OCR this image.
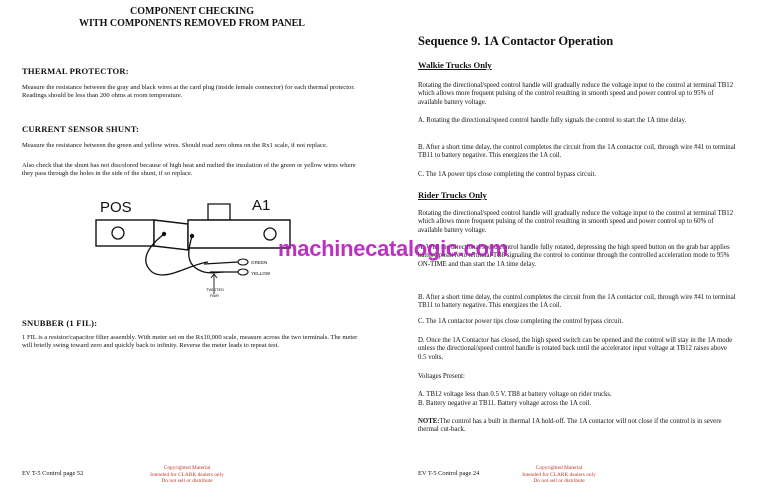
COMPONENT CHECKING
WITH COMPONENTS REMOVED FROM PANEL
THERMAL PROTECTOR:

Measure the resistance between the gray and black wires at the card plug (inside female connector) for each thermal protector. Readings should be less than 200 ohms at room temperature.

CURRENT SENSOR SHUNT:

Measure the resistance between the green and yellow wires. Should read zero ohms on the Rx1 scale, if not replace.

Also check that the shunt has not discolored because of high heat and melted the insulation of the green or yellow wires where they pass through the holes in the side of the shunt, if so replace.

POS	A1
GREEN
YELLOW
TWISTED
PAIR
SNUBBER (1 FIL):

1 FIL is a resistor/capacitor filter assembly. With meter set on the Rx10,000 scale, measure across the two terminals. The meter will briefly swing toward zero and quickly back to infinity. Reverse the meter leads to repeat test.

EV T-5 Control page 52
Copyrighted Material
Intended for CLARK dealers only
Do not sell or distribute
Sequence 9. 1A Contactor Operation
Walkie Trucks Only

Rotating the directional/speed control handle will gradually reduce the voltage input to the control at terminal TB12 which allows more frequent pulsing of the control resulting in smooth speed and power control up to 95% of available battery voltage.

A. Rotating the directional/speed control handle fully signals the control to start the 1A time delay.

B. After a short time delay, the control completes the circuit from the 1A contactor coil, through wire #41 to terminal TB11 to battery negative. This energizes the 1A coil.

C. The 1A power tips close completing the control bypass circuit.

Rider Trucks Only

Rotating the directional/speed control handle will gradually reduce the voltage input to the control at terminal TB12 which allows more frequent pulsing of the control resulting in smooth speed and power control up to 60% of available battery voltage.

A. With the directional/speed control handle fully rotated, depressing the high speed button on the grab bar applies battery positive to terminal TB8 signaling the control to continue through the controlled acceleration mode to 95% ON-TIME and than start the 1A time delay.

B. After a short time delay, the control completes the circuit from the 1A contactor coil, through wire #41 to terminal TB11 to battery negative. This energizes the 1A coil.

C. The 1A contactor power tips close completing the control bypass circuit.

D. Once the 1A Contactor has closed, the high speed switch can be opened and the control will stay in the 1A mode unless the directional/speed control handle is rotated back until the accelerator input voltage at TB12 raises above 0.5 volts.

Voltages Present:

A. TB12 voltage less than 0.5 V. TB8 at battery voltage on rider trucks.

B. Battery negative at TB11. Battery voltage across the 1A coil.

NOTE:The control has a built in thermal 1A hold-off. The 1A contactor will not close if the control is in severe thermal cut-back.

EV T-5 Control page 24
Copyrighted Material
Intended for CLARK dealers only
Do not sell or distribute
machinecatalogic.com
